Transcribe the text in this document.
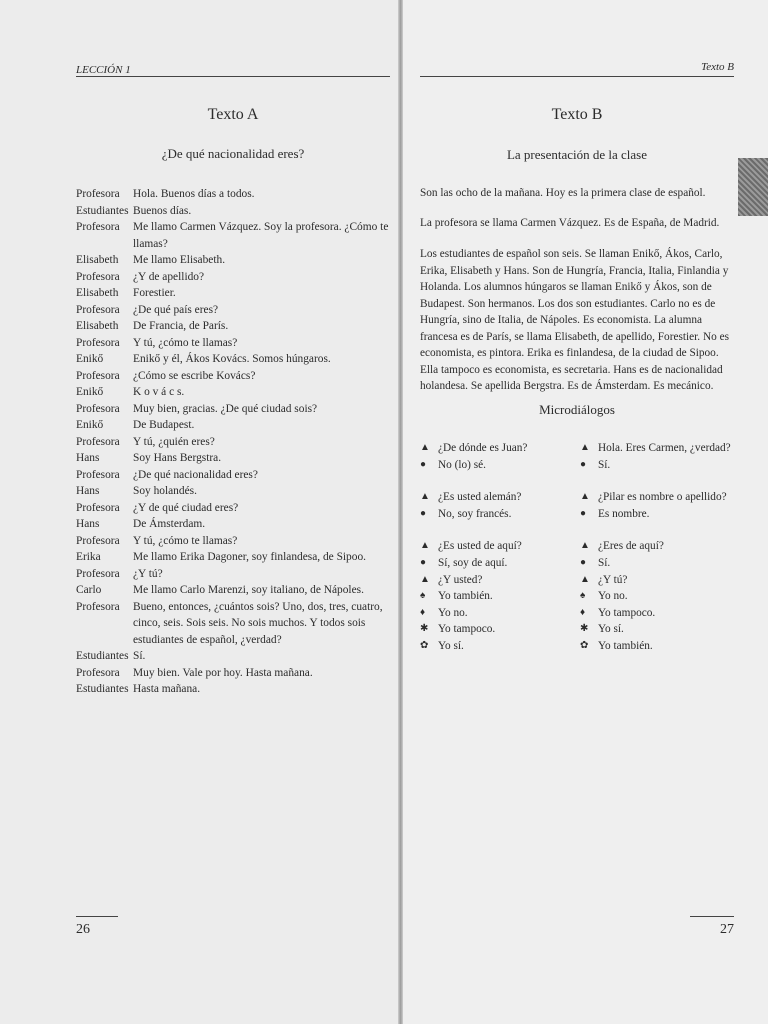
LECCIÓN 1
Texto A
¿De qué nacionalidad eres?
Profesora	Hola. Buenos días a todos.
Estudiantes Buenos días.
Profesora	Me llamo Carmen Vázquez. Soy la profesora. ¿Cómo te llamas?
Elisabeth	Me llamo Elisabeth.
Profesora	¿Y de apellido?
Elisabeth	Forestier.
Profesora	¿De qué país eres?
Elisabeth	De Francia, de París.
Profesora	Y tú, ¿cómo te llamas?
Enikő	Enikő y él, Ákos Kovács. Somos húngaros.
Profesora	¿Cómo se escribe Kovács?
Enikő	K o v á c s.
Profesora	Muy bien, gracias. ¿De qué ciudad sois?
Enikő	De Budapest.
Profesora	Y tú, ¿quién eres?
Hans	Soy Hans Bergstra.
Profesora	¿De qué nacionalidad eres?
Hans	Soy holandés.
Profesora	¿Y de qué ciudad eres?
Hans	De Ámsterdam.
Profesora	Y tú, ¿cómo te llamas?
Erika	Me llamo Erika Dagoner, soy finlandesa, de Sipoo.
Profesora	¿Y tú?
Carlo	Me llamo Carlo Marenzi, soy italiano, de Nápoles.
Profesora	Bueno, entonces, ¿cuántos sois? Uno, dos, tres, cuatro, cinco, seis. Sois seis. No sois muchos. Y todos sois estudiantes de español, ¿verdad?
Estudiantes Sí.
Profesora	Muy bien. Vale por hoy. Hasta mañana.
Estudiantes Hasta mañana.
26
Texto B
Texto B
La presentación de la clase

Son las ocho de la mañana. Hoy es la primera clase de español.

La profesora se llama Carmen Vázquez. Es de España, de Madrid.

Los estudiantes de español son seis. Se llaman Enikő, Ákos, Carlo, Erika, Elisabeth y Hans. Son de Hungría, Francia, Italia, Finlandia y Holanda. Los alumnos húngaros se llaman Enikő y Ákos, son de Budapest. Son hermanos. Los dos son estudiantes. Carlo no es de Hungría, sino de Italia, de Nápoles. Es economista. La alumna francesa es de París, se llama Elisabeth, de apellido, Forestier. No es economista, es pintora. Erika es finlandesa, de la ciudad de Sipoo. Ella tampoco es economista, es secretaria. Hans es de nacionalidad holandesa. Se apellida Bergstra. Es de Ámsterdam. Es mecánico.

Microdiálogos
▲ ¿De dónde es Juan?
●	No (lo) sé.
▲ ¿Es usted alemán?
●	No, soy francés.
▲ ¿Es usted de aquí?
●	Sí, soy de aquí.
▲ ¿Y usted?
♠	Yo también.
♦	Yo no.
✱ Yo tampoco.
✿ Yo sí.
▲ Hola. Eres Carmen, ¿verdad?
●	Sí.
▲ ¿Pilar es nombre o apellido?
●	Es nombre.
▲ ¿Eres de aquí?
●	Sí.
▲ ¿Y tú?
♠	Yo no.
♦	Yo tampoco.
✱ Yo sí.
✿ Yo también.
27
